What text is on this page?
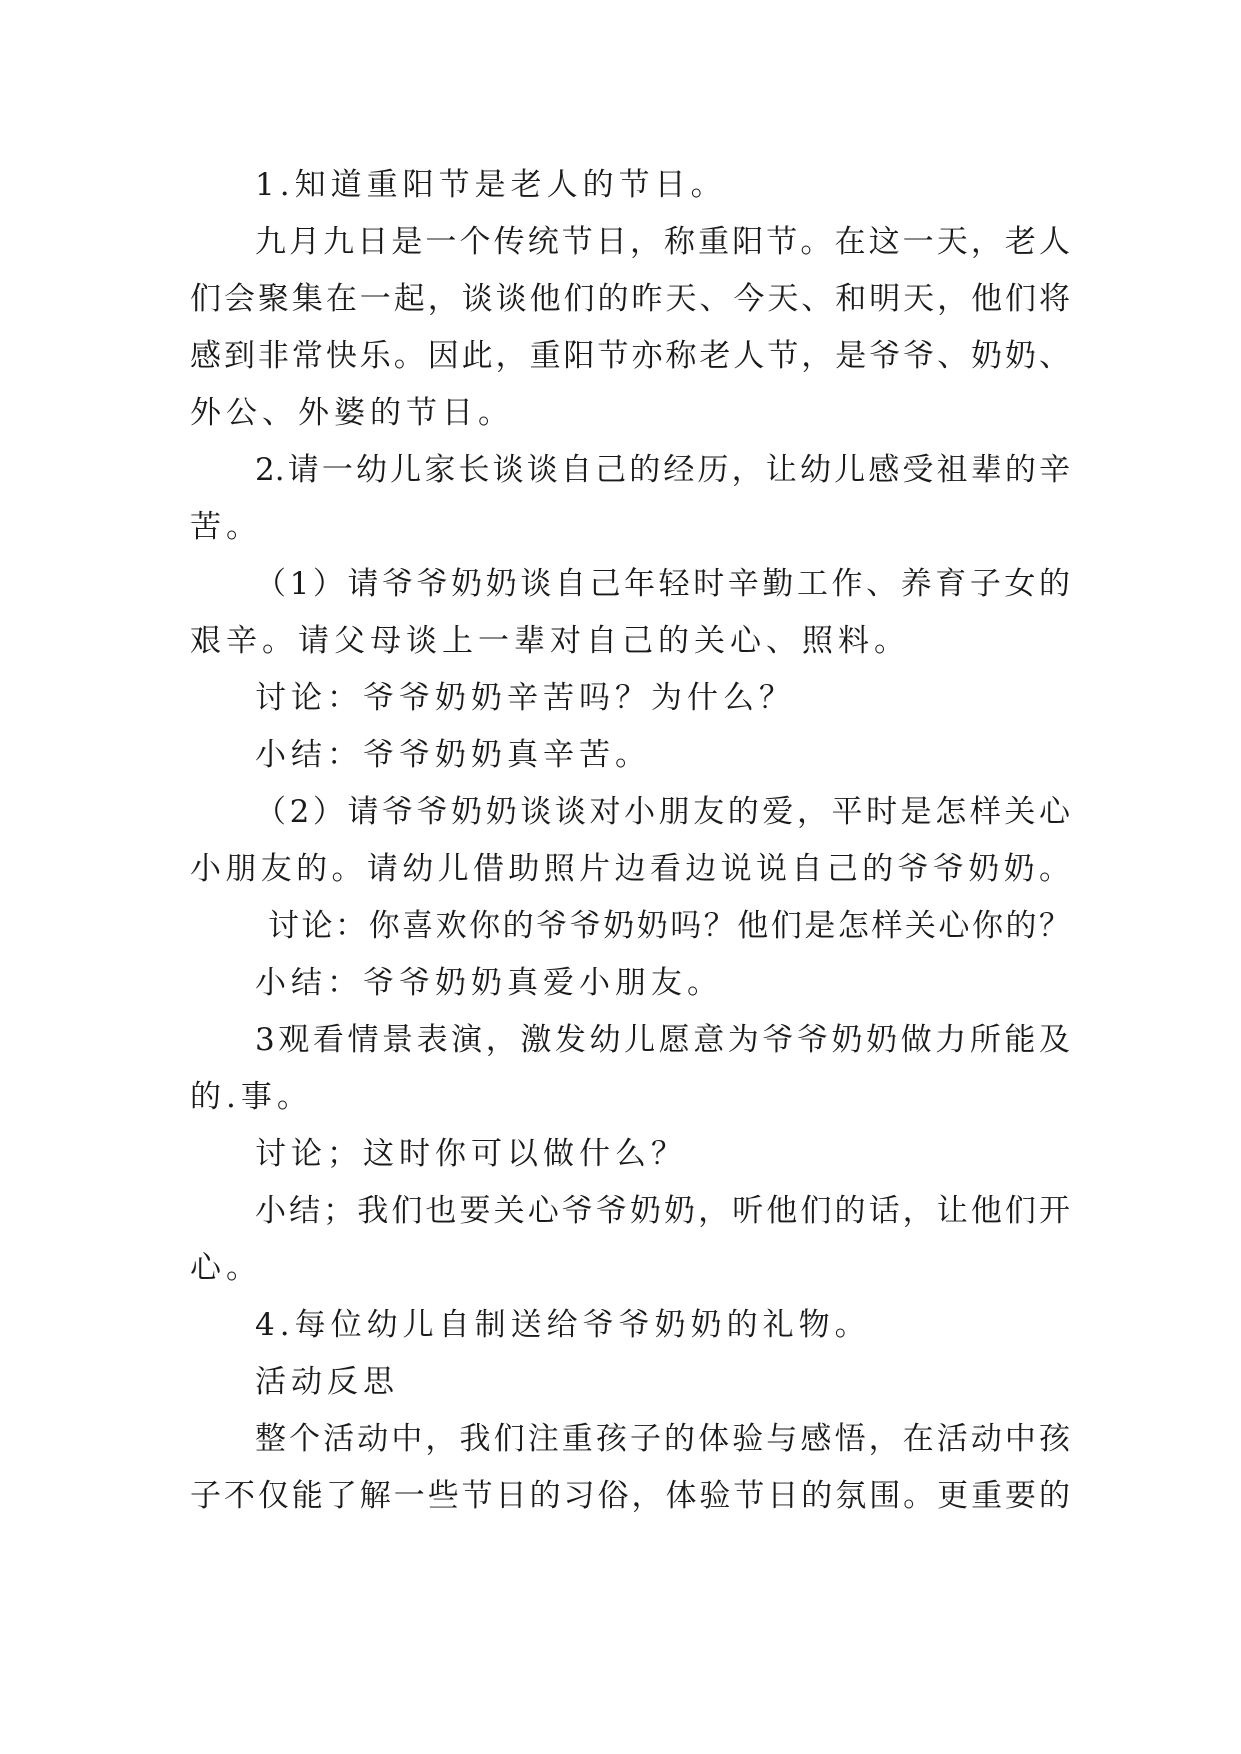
1.知道重阳节是老人的节日。
九月九日是一个传统节日，称重阳节。在这一天，老人
们会聚集在一起，谈谈他们的昨天、今天、和明天，他们将
感到非常快乐。因此，重阳节亦称老人节，是爷爷、奶奶、
外公、外婆的节日。
2.请一幼儿家长谈谈自己的经历，让幼儿感受祖辈的辛
苦。
（1）请爷爷奶奶谈自己年轻时辛勤工作、养育子女的
艰辛。请父母谈上一辈对自己的关心、照料。
讨论：爷爷奶奶辛苦吗？为什么？
小结：爷爷奶奶真辛苦。
（2）请爷爷奶奶谈谈对小朋友的爱，平时是怎样关心
小朋友的。请幼儿借助照片边看边说说自己的爷爷奶奶。
讨论：你喜欢你的爷爷奶奶吗？他们是怎样关心你的？
小结：爷爷奶奶真爱小朋友。
3观看情景表演，激发幼儿愿意为爷爷奶奶做力所能及
的.事。
讨论；这时你可以做什么？
小结；我们也要关心爷爷奶奶，听他们的话，让他们开
心。
4.每位幼儿自制送给爷爷奶奶的礼物。
活动反思
整个活动中，我们注重孩子的体验与感悟，在活动中孩
子不仅能了解一些节日的习俗，体验节日的氛围。更重要的
